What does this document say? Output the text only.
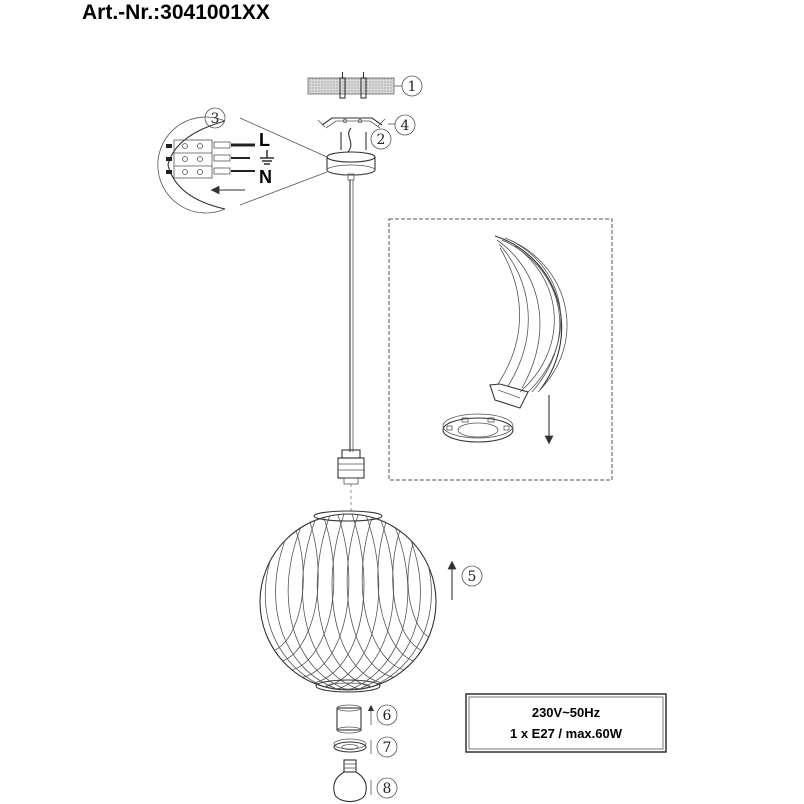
Art.-Nr.:3041001XX
1
4
2
3
L
N
5
6
7
8
230V~50Hz
1 x E27 / max.60W
